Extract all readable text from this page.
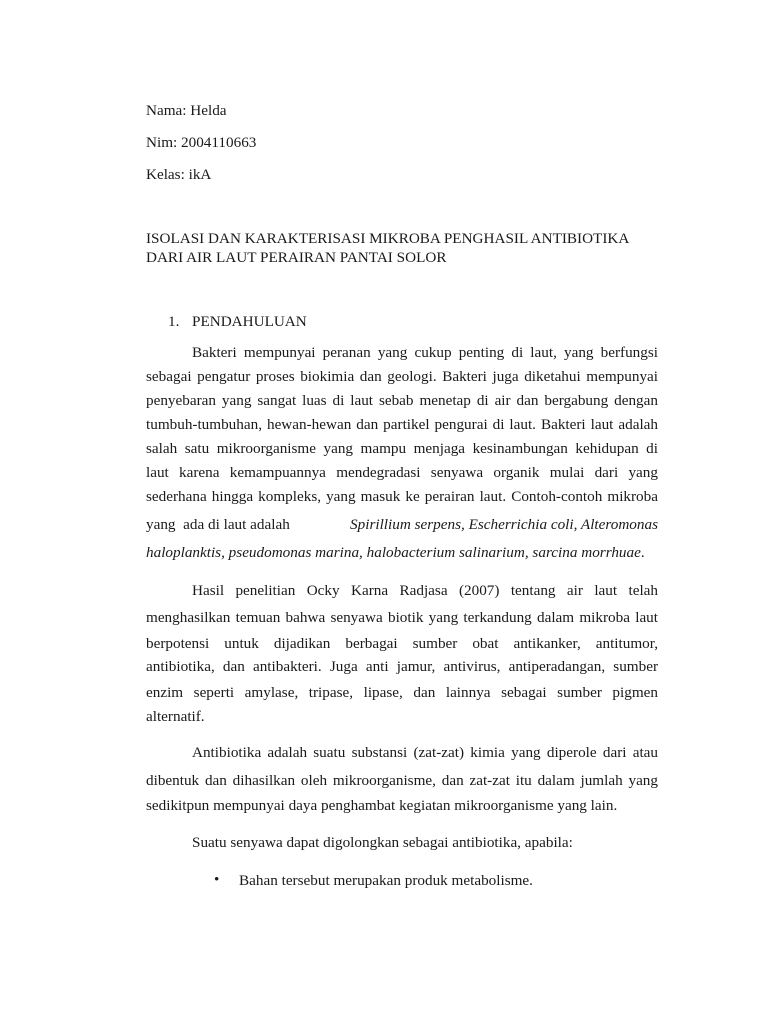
Nama: Helda
Nim: 2004110663
Kelas: ikA
ISOLASI DAN KARAKTERISASI MIKROBA PENGHASIL ANTIBIOTIKA
DARI AIR LAUT PERAIRAN PANTAI SOLOR
1. PENDAHULUAN
Bakteri mempunyai peranan yang cukup penting di laut, yang berfungsi
sebagai pengatur proses biokimia dan geologi. Bakteri juga diketahui mempunyai
penyebaran yang sangat luas di laut sebab menetap di air dan bergabung dengan
tumbuh-tumbuhan, hewan-hewan dan partikel pengurai di laut. Bakteri laut adalah
salah satu mikroorganisme yang mampu menjaga kesinambungan kehidupan di
laut karena kemampuannya mendegradasi senyawa organik mulai dari yang
sederhana hingga kompleks, yang masuk ke perairan laut. Contoh-contoh mikroba
yang  ada di laut adalah	Spirillium serpens, Escherrichia coli, Alteromonas
haloplanktis, pseudomonas marina, halobacterium salinarium, sarcina morrhuae.
Hasil penelitian Ocky Karna Radjasa (2007) tentang air laut telah
menghasilkan temuan bahwa senyawa biotik yang terkandung dalam mikroba laut
berpotensi untuk dijadikan berbagai sumber obat antikanker, antitumor,
antibiotika, dan antibakteri. Juga anti jamur, antivirus, antiperadangan, sumber
enzim seperti amylase, tripase, lipase, dan lainnya sebagai sumber pigmen
alternatif.
Antibiotika adalah suatu substansi (zat-zat) kimia yang diperole dari atau
dibentuk dan dihasilkan oleh mikroorganisme, dan zat-zat itu dalam jumlah yang
sedikitpun mempunyai daya penghambat kegiatan mikroorganisme yang lain.
Suatu senyawa dapat digolongkan sebagai antibiotika, apabila:
• Bahan tersebut merupakan produk metabolisme.
